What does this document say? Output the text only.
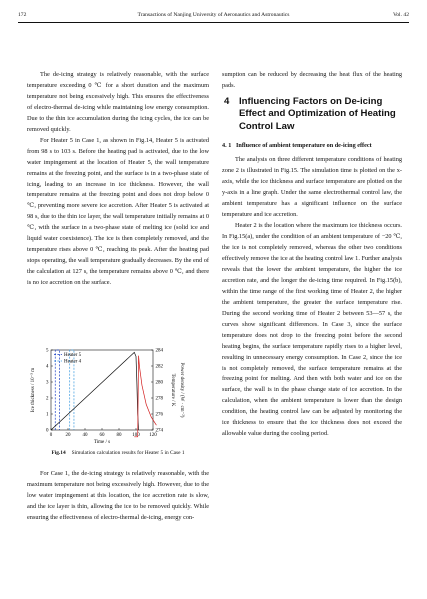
172	Transactions of Nanjing University of Aeronautics and Astronautics	Vol. 42

The de-icing strategy is relatively reasonable, with the surface temperature exceeding 0 ℃ for a short duration and the maximum temperature not being excessively high. This ensures the effectiveness of electro-thermal de-icing while maintaining low energy consumption. Due to the thin ice accumulation during the icing cycles, the ice can be removed quickly.

For Heater 5 in Case 1, as shown in Fig.14, Heater 5 is activated from 98 s to 103 s. Before the heating pad is activated, due to the low water impingement at the location of Heater 5, the wall temperature remains at the freezing point, and the surface is in a two-phase state of icing, leading to an increase in ice thickness. However, the wall temperature remains at the freezing point and does not drop below 0 ℃, preventing more severe ice accretion. After Heater 5 is activated at 98 s, due to the thin ice layer, the wall temperature initially remains at 0 ℃, with the surface in a two-phase state of melting ice (solid ice and liquid water coexistence). The ice is then completely removed, and the temperature rises above 0 ℃, reaching its peak. After the heating pad stops operating, the wall temperature gradually decreases. By the end of the calculation at 127 s, the temperature remains above 0 ℃, and there is no ice accretion on the surface.

0	20 40 60 80 100 120
0
1
2
3
4
5
274
276
278
280
282
284
Time / s
Ice thickness / 10⁻⁵ m	Temperature / K Power density / (W · cm⁻²)
Heater 5
Heater 4
Fig.14 Simulation calculation results for Heater 5 in Case 1

For Case 1, the de-icing strategy is relatively reasonable, with the maximum temperature not being excessively high. However, due to the low water impingement at this location, the ice accretion rate is slow, and the ice layer is thin, allowing the ice to be removed quickly. While ensuring the effectiveness of electro-thermal de-icing, energy con-

sumption can be reduced by decreasing the heat flux of the heating pads.

4 Influencing Factors on De-icing Effect and Optimization of Heating Control Law
4. 1 Influence of ambient temperature on de-icing effect

The analysis on three different temperature conditions of heating zone 2 is illustrated in Fig.15. The simulation time is plotted on the x-axis, while the ice thickness and surface temperature are plotted on the y-axis in a line graph. Under the same electrothermal control law, the ambient temperature has a significant influence on the surface temperature and ice accretion.

Heater 2 is the location where the maximum ice thickness occurs. In Fig.15(a), under the condition of an ambient temperature of −20 ℃, the ice is not completely removed, whereas the other two conditions effectively remove the ice at the heating control law 1. Further analysis reveals that the lower the ambient temperature, the higher the ice accretion rate, and the longer the de-icing time required. In Fig.15(b), within the time range of the first working time of Heater 2, the higher the ambient temperature, the greater the surface temperature rise. During the second working time of Heater 2 between 53—57 s, the curves show significant differences. In Case 3, since the surface temperature does not drop to the freezing point before the second heating begins, the surface temperature rapidly rises to a higher level, resulting in unnecessary energy consumption. In Case 2, since the ice is not completely removed, the surface temperature remains at the freezing point for melting. And then with both water and ice on the surface, the wall is in the phase change state of ice accretion. In the calculation, when the ambient temperature is lower than the design condition, the heating control law can be adjusted by monitoring the ice thickness to ensure that the ice thickness does not exceed the allowable value during the cooling period.
